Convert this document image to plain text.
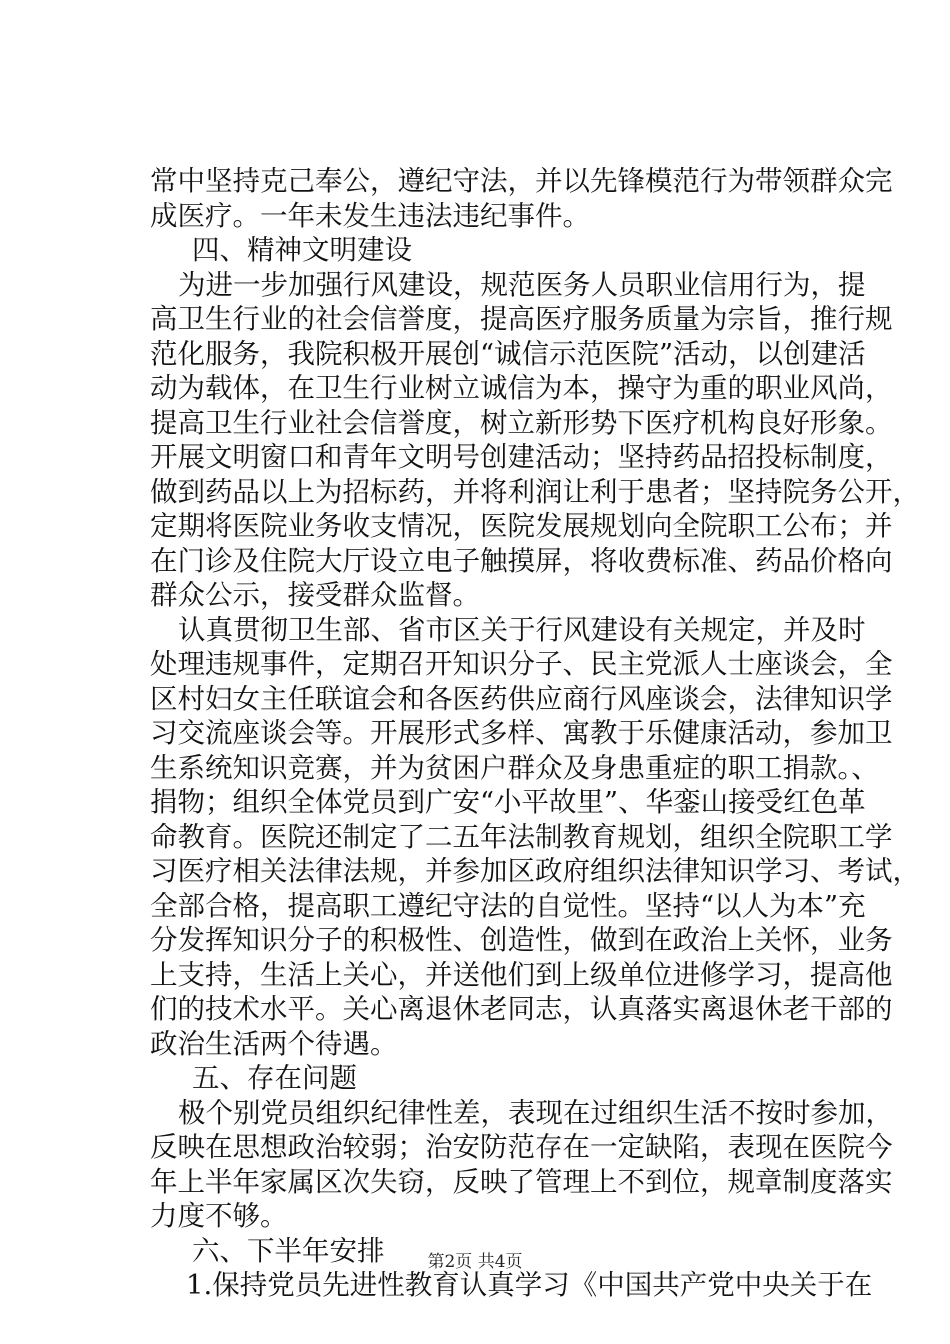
常中坚持克己奉公，遵纪守法，并以先锋模范行为带领群众完
成医疗。一年未发生违法违纪事件。
四、精神文明建设
为进一步加强行风建设，规范医务人员职业信用行为，提
高卫生行业的社会信誉度，提高医疗服务质量为宗旨，推行规
范化服务，我院积极开展创“诚信示范医院”活动，以创建活
动为载体，在卫生行业树立诚信为本，操守为重的职业风尚，
提高卫生行业社会信誉度，树立新形势下医疗机构良好形象。
开展文明窗口和青年文明号创建活动；坚持药品招投标制度，
做到药品以上为招标药，并将利润让利于患者；坚持院务公开，
定期将医院业务收支情况，医院发展规划向全院职工公布；并
在门诊及住院大厅设立电子触摸屏，将收费标准、药品价格向
群众公示，接受群众监督。
认真贯彻卫生部、省市区关于行风建设有关规定，并及时
处理违规事件，定期召开知识分子、民主党派人士座谈会，全
区村妇女主任联谊会和各医药供应商行风座谈会，法律知识学
习交流座谈会等。开展形式多样、寓教于乐健康活动，参加卫
生系统知识竞赛，并为贫困户群众及身患重症的职工捐款。、
捐物；组织全体党员到广安“小平故里”、华銮山接受红色革
命教育。医院还制定了二五年法制教育规划，组织全院职工学
习医疗相关法律法规，并参加区政府组织法律知识学习、考试，
全部合格，提高职工遵纪守法的自觉性。坚持“以人为本”充
分发挥知识分子的积极性、创造性，做到在政治上关怀，业务
上支持，生活上关心，并送他们到上级单位进修学习，提高他
们的技术水平。关心离退休老同志，认真落实离退休老干部的
政治生活两个待遇。
五、存在问题
极个别党员组织纪律性差，表现在过组织生活不按时参加，
反映在思想政治较弱；治安防范存在一定缺陷，表现在医院今
年上半年家属区次失窃，反映了管理上不到位，规章制度落实
力度不够。
六、下半年安排
1.保持党员先进性教育认真学习《中国共产党中央关于在
第2页 共4页
